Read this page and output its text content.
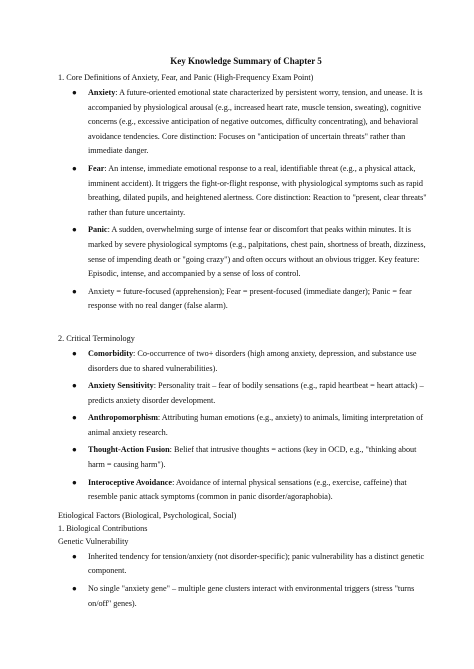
Key Knowledge Summary of Chapter 5

1. Core Definitions of Anxiety, Fear, and Panic (High-Frequency Exam Point)

● Anxiety: A future-oriented emotional state characterized by persistent worry, tension, and unease. It is accompanied by physiological arousal (e.g., increased heart rate, muscle tension, sweating), cognitive concerns (e.g., excessive anticipation of negative outcomes, difficulty concentrating), and behavioral avoidance tendencies. Core distinction: Focuses on "anticipation of uncertain threats" rather than immediate danger.
● Fear: An intense, immediate emotional response to a real, identifiable threat (e.g., a physical attack, imminent accident). It triggers the fight-or-flight response, with physiological symptoms such as rapid breathing, dilated pupils, and heightened alertness. Core distinction: Reaction to "present, clear threats" rather than future uncertainty.
● Panic: A sudden, overwhelming surge of intense fear or discomfort that peaks within minutes. It is marked by severe physiological symptoms (e.g., palpitations, chest pain, shortness of breath, dizziness, sense of impending death or "going crazy") and often occurs without an obvious trigger. Key feature: Episodic, intense, and accompanied by a sense of loss of control.
● Anxiety = future-focused (apprehension); Fear = present-focused (immediate danger); Panic = fear response with no real danger (false alarm).

2. Critical Terminology

● Comorbidity: Co-occurrence of two+ disorders (high among anxiety, depression, and substance use disorders due to shared vulnerabilities).
● Anxiety Sensitivity: Personality trait – fear of bodily sensations (e.g., rapid heartbeat = heart attack) – predicts anxiety disorder development.
● Anthropomorphism: Attributing human emotions (e.g., anxiety) to animals, limiting interpretation of animal anxiety research.
● Thought-Action Fusion: Belief that intrusive thoughts = actions (key in OCD, e.g., "thinking about harm = causing harm").
● Interoceptive Avoidance: Avoidance of internal physical sensations (e.g., exercise, caffeine) that resemble panic attack symptoms (common in panic disorder/agoraphobia).

Etiological Factors (Biological, Psychological, Social)

1. Biological Contributions

Genetic Vulnerability

● Inherited tendency for tension/anxiety (not disorder-specific); panic vulnerability has a distinct genetic component.
● No single "anxiety gene" – multiple gene clusters interact with environmental triggers (stress "turns on/off" genes).
